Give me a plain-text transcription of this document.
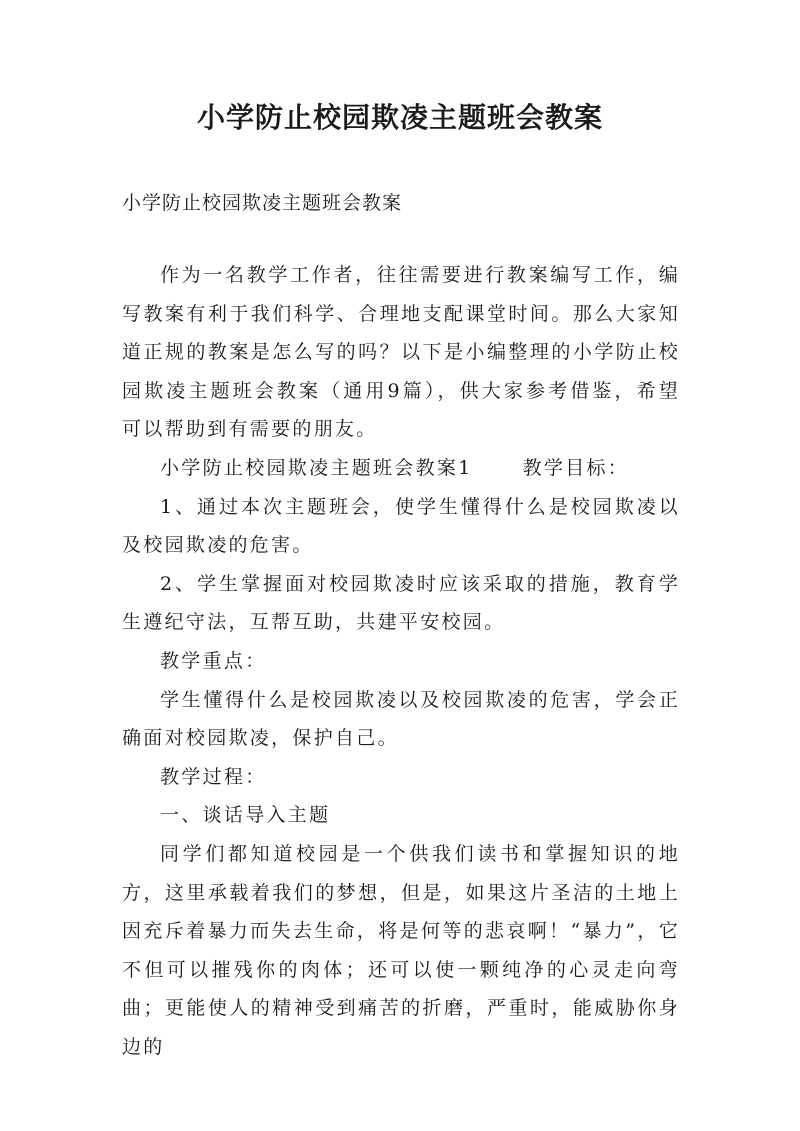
小学防止校园欺凌主题班会教案

小学防止校园欺凌主题班会教案

作为一名教学工作者，往往需要进行教案编写工作，编写教案有利于我们科学、合理地支配课堂时间。那么大家知道正规的教案是怎么写的吗？以下是小编整理的小学防止校园欺凌主题班会教案（通用9篇），供大家参考借鉴，希望可以帮助到有需要的朋友。

小学防止校园欺凌主题班会教案1	教学目标：

1、通过本次主题班会，使学生懂得什么是校园欺凌以及校园欺凌的危害。

2、学生掌握面对校园欺凌时应该采取的措施，教育学生遵纪守法，互帮互助，共建平安校园。

教学重点：

学生懂得什么是校园欺凌以及校园欺凌的危害，学会正确面对校园欺凌，保护自己。

教学过程：

一、谈话导入主题

同学们都知道校园是一个供我们读书和掌握知识的地方，这里承载着我们的梦想，但是，如果这片圣洁的土地上因充斥着暴力而失去生命，将是何等的悲哀啊！“暴力”，它不但可以摧残你的肉体；还可以使一颗纯净的心灵走向弯曲；更能使人的精神受到痛苦的折磨，严重时，能威胁你身边的
